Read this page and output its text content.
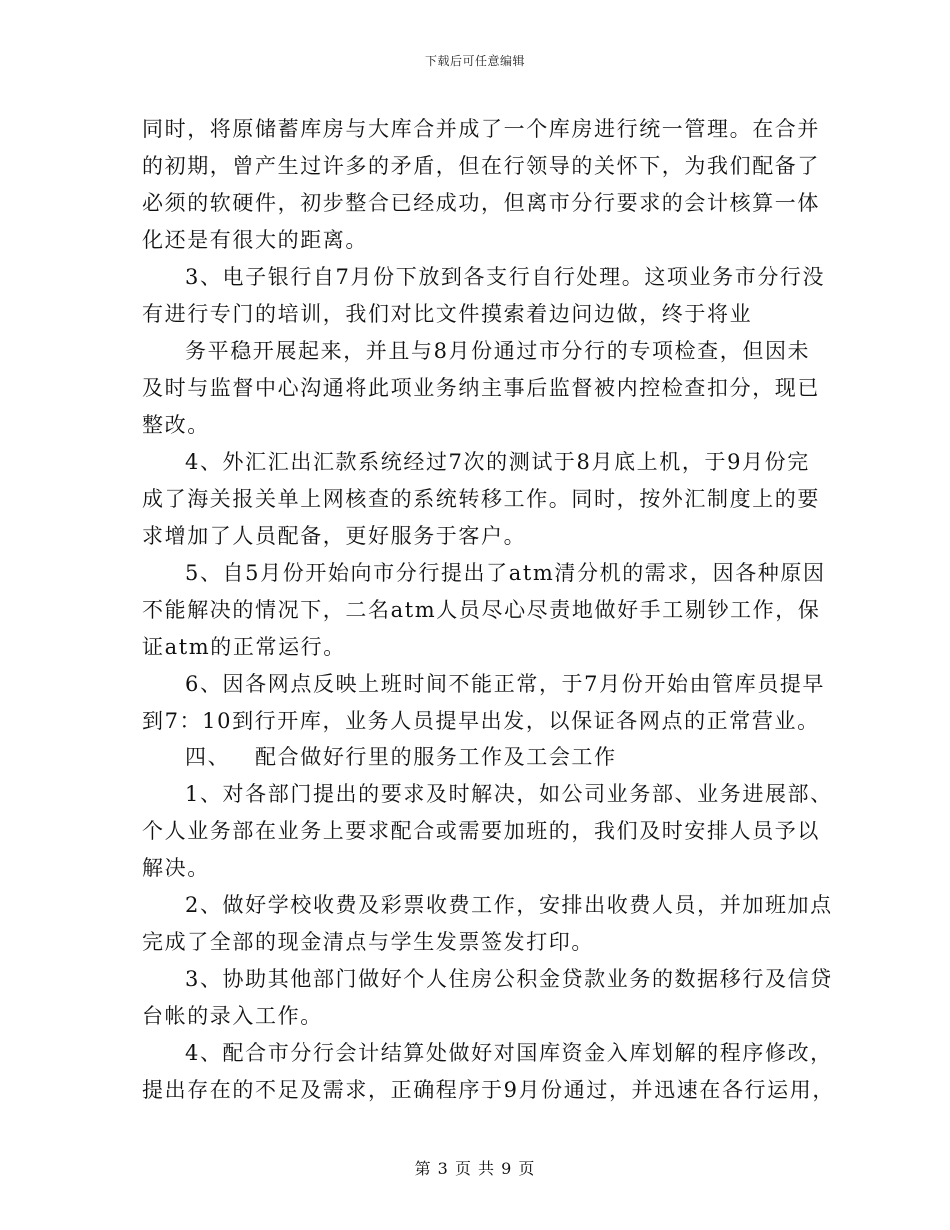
下载后可任意编辑
同时，将原储蓄库房与大库合并成了一个库房进行统一管理。在合并
的初期，曾产生过许多的矛盾，但在行领导的关怀下，为我们配备了
必须的软硬件，初步整合已经成功，但离市分行要求的会计核算一体
化还是有很大的距离。
3、电子银行自7月份下放到各支行自行处理。这项业务市分行没
有进行专门的培训，我们对比文件摸索着边问边做，终于将业
务平稳开展起来，并且与8月份通过市分行的专项检查，但因未
及时与监督中心沟通将此项业务纳主事后监督被内控检查扣分，现已
整改。
4、外汇汇出汇款系统经过7次的测试于8月底上机，于9月份完
成了海关报关单上网核查的系统转移工作。同时，按外汇制度上的要
求增加了人员配备，更好服务于客户。
5、自5月份开始向市分行提出了atm清分机的需求，因各种原因
不能解决的情况下，二名atm人员尽心尽责地做好手工剔钞工作，保
证atm的正常运行。
6、因各网点反映上班时间不能正常，于7月份开始由管库员提早
到7：10到行开库，业务人员提早出发，以保证各网点的正常营业。
四、   配合做好行里的服务工作及工会工作
1、对各部门提出的要求及时解决，如公司业务部、业务进展部、
个人业务部在业务上要求配合或需要加班的，我们及时安排人员予以
解决。
2、做好学校收费及彩票收费工作，安排出收费人员，并加班加点
完成了全部的现金清点与学生发票签发打印。
3、协助其他部门做好个人住房公积金贷款业务的数据移行及信贷
台帐的录入工作。
4、配合市分行会计结算处做好对国库资金入库划解的程序修改，
提出存在的不足及需求，正确程序于9月份通过，并迅速在各行运用，
第 3 页 共 9 页
